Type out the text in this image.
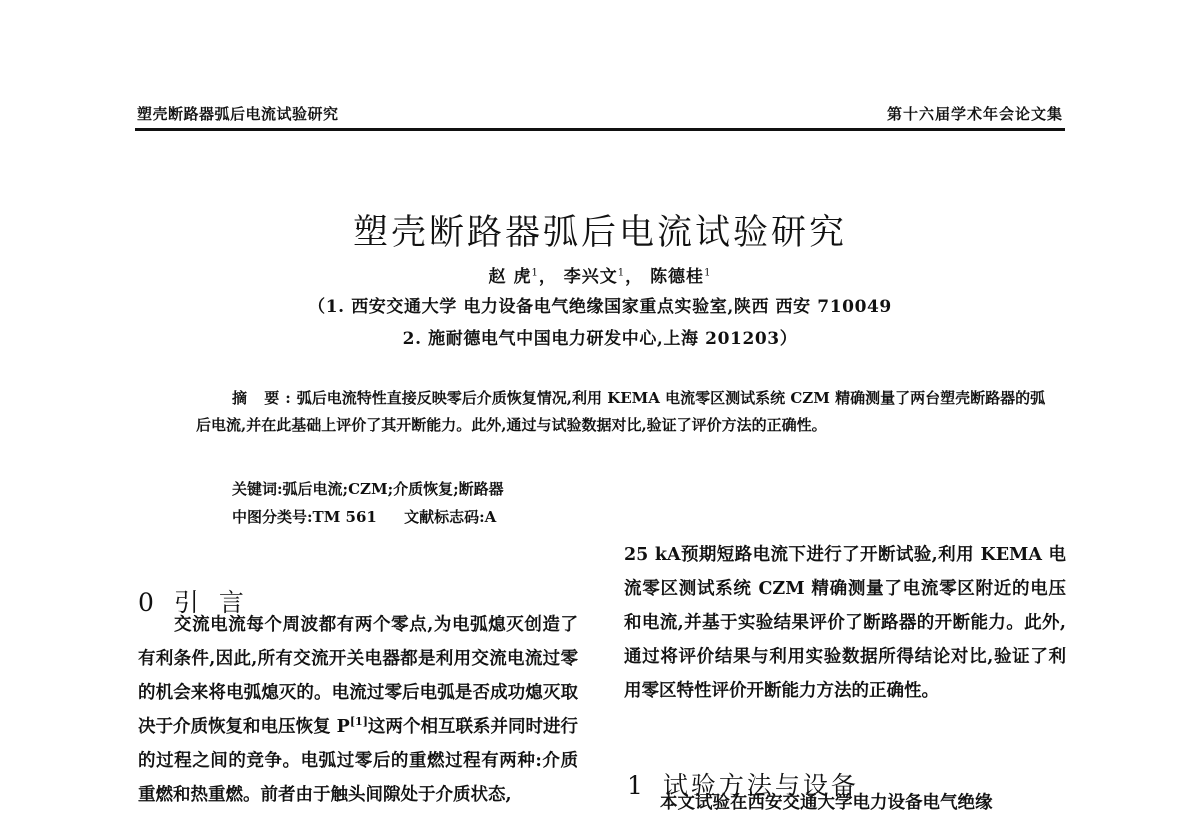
塑壳断路器弧后电流试验研究	第十六届学术年会论文集
塑壳断路器弧后电流试验研究
赵 虎$^1$， 李兴文$^1$， 陈德桂$^1$
（1. 西安交通大学 电力设备电气绝缘国家重点实验室,陕西 西安 710049
2. 施耐德电气中国电力研发中心,上海 201203）
摘 要:弧后电流特性直接反映零后介质恢复情况,利用 KEMA 电流零区测试系统 CZM 精确测量了两台塑壳断路器的弧后电流,并在此基础上评价了其开断能力。此外,通过与试验数据对比,验证了评价方法的正确性。
关键词:弧后电流;CZM;介质恢复;断路器
中图分类号:TM 561 文献标志码:A
0 引 言

交流电流每个周波都有两个零点,为电弧熄灭创造了有利条件,因此,所有交流开关电器都是利用交流电流过零的机会来将电弧熄灭的。电流过零后电弧是否成功熄灭取决于介质恢复和电压恢复 P[1]这两个相互联系并同时进行的过程之间的竞争。电弧过零后的重燃过程有两种:介质重燃和热重燃。前者由于触头间隙处于介质状态,

25 kA预期短路电流下进行了开断试验,利用 KEMA 电流零区测试系统 CZM 精确测量了电流零区附近的电压和电流,并基于实验结果评价了断路器的开断能力。此外,通过将评价结果与利用实验数据所得结论对比,验证了利用零区特性评价开断能力方法的正确性。

1 试验方法与设备

本文试验在西安交通大学电力设备电气绝缘
